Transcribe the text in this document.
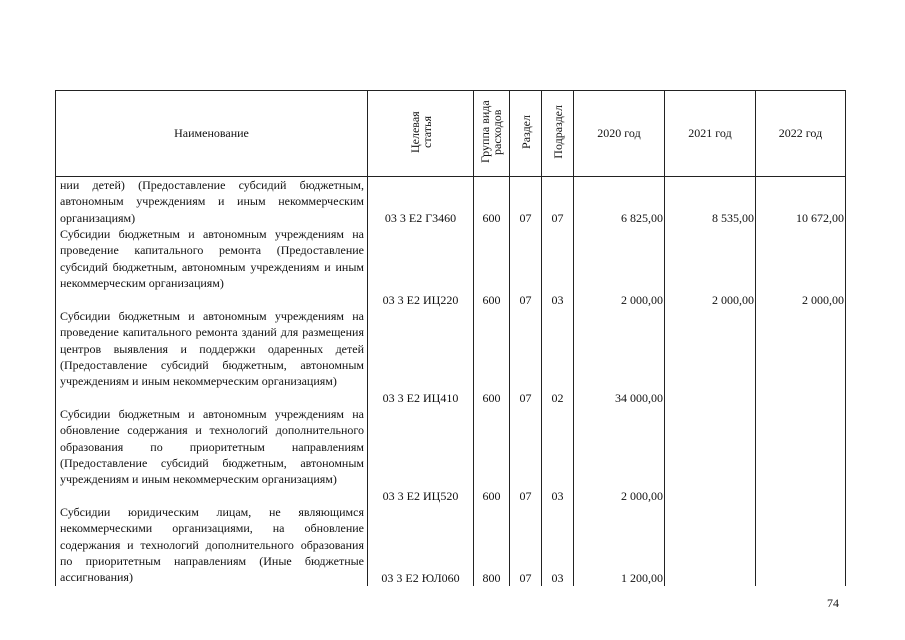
Наименование	Целевая статья	Группа вида расходов	Раздел	Подраздел	2020 год	2021 год	2022 год
нии детей) (Предоставление субсидий бюджетным, автономным учреждениям и иным некоммерческим организациям)	03 3 Е2 Г3460	600	07	07	6 825,00	8 535,00	10 672,00
Субсидии бюджетным и автономным учреждениям на проведение капитального ремонта (Предоставление субсидий бюджетным, автономным учреждениям и иным некоммерческим организациям)	03 3 Е2 ИЦ220	600	07	03	2 000,00	2 000,00	2 000,00
Субсидии бюджетным и автономным учреждениям на проведение капитального ремонта зданий для размещения центров выявления и поддержки одаренных детей (Предоставление субсидий бюджетным, автономным учреждениям и иным некоммерческим организациям)	03 3 Е2 ИЦ410	600	07	02	34 000,00		
Субсидии бюджетным и автономным учреждениям на обновление содержания и технологий дополнительного образования по приоритетным направлениям (Предоставление субсидий бюджетным, автономным учреждениям и иным некоммерческим организациям)	03 3 Е2 ИЦ520	600	07	03	2 000,00		
Субсидии юридическим лицам, не являющимся некоммерческими организациями, на обновление содержания и технологий дополнительного образования по приоритетным направлениям (Иные бюджетные ассигнования)	03 3 Е2 ЮЛ060	800	07	03	1 200,00		
74
